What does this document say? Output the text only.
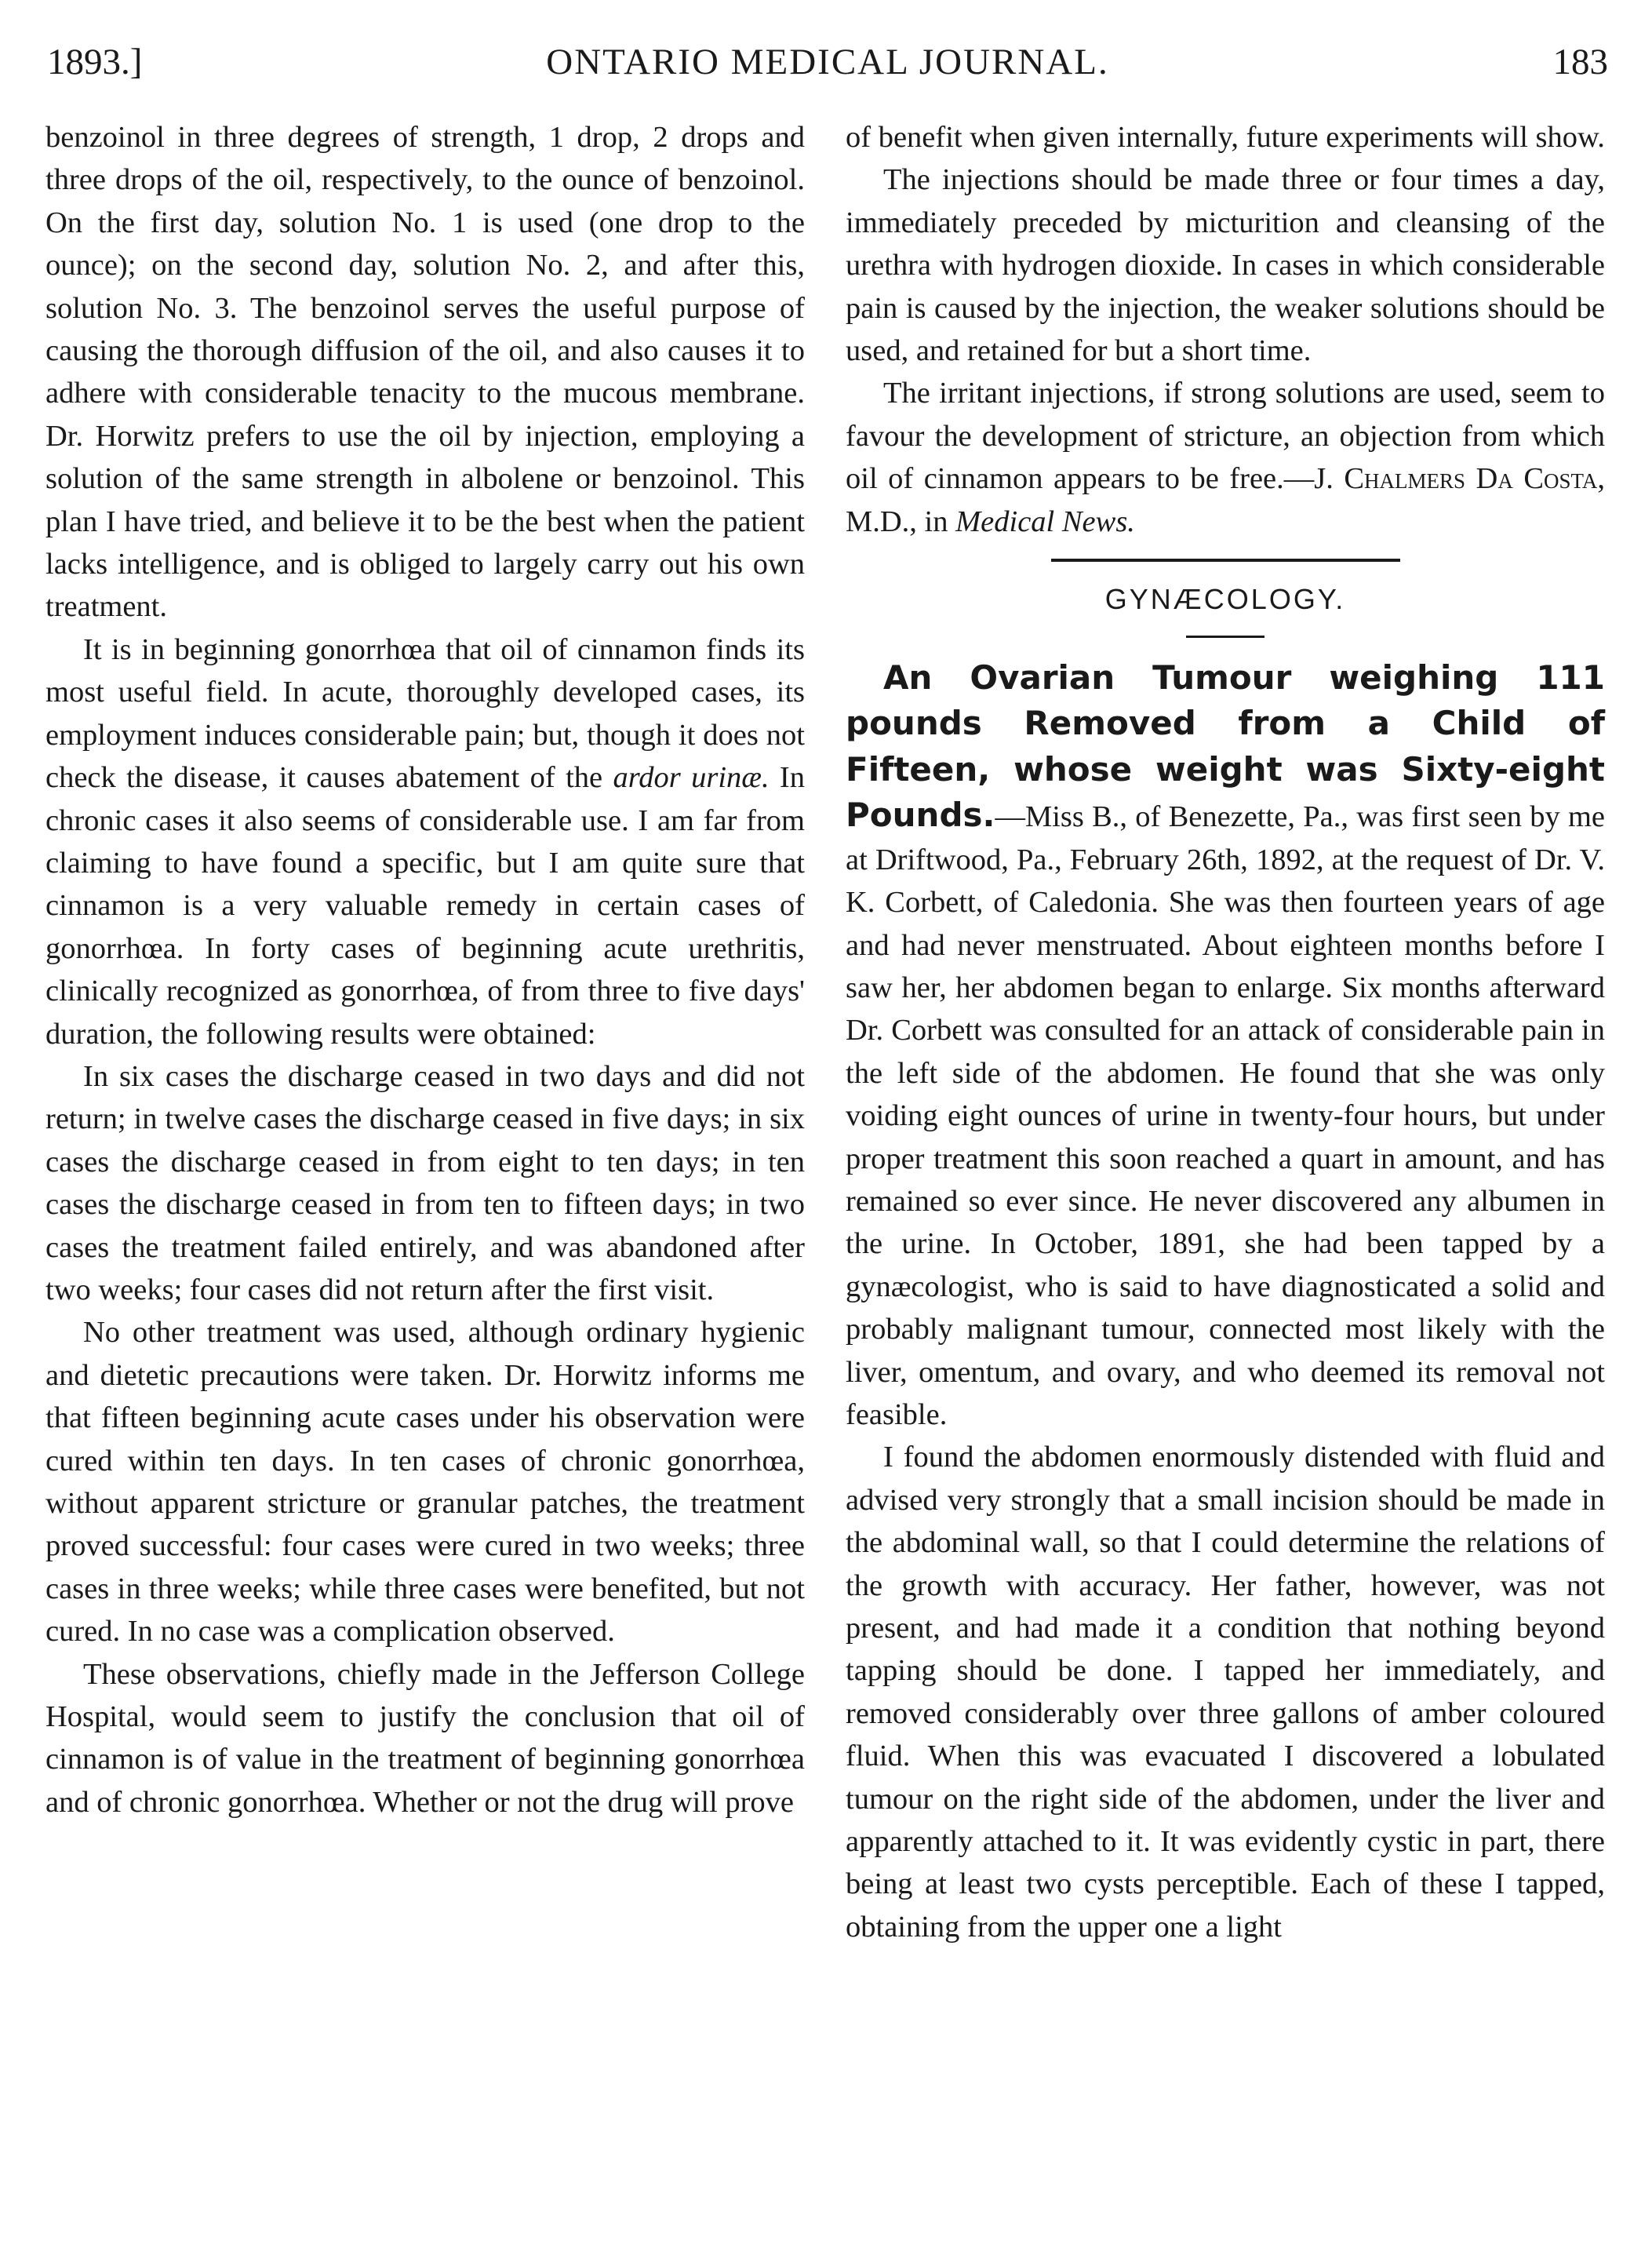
1893.]	ONTARIO MEDICAL JOURNAL.	183

benzoinol in three degrees of strength, 1 drop, 2 drops and three drops of the oil, respectively, to the ounce of benzoinol. On the first day, solution No. 1 is used (one drop to the ounce); on the second day, solution No. 2, and after this, solution No. 3. The benzoinol serves the useful purpose of causing the thorough diffusion of the oil, and also causes it to adhere with considerable tenacity to the mucous membrane. Dr. Horwitz prefers to use the oil by injection, employing a solution of the same strength in albolene or benzoinol. This plan I have tried, and believe it to be the best when the patient lacks intelligence, and is obliged to largely carry out his own treatment.

It is in beginning gonorrhœa that oil of cinnamon finds its most useful field. In acute, thoroughly developed cases, its employment induces considerable pain; but, though it does not check the disease, it causes abatement of the ardor urinæ. In chronic cases it also seems of considerable use. I am far from claiming to have found a specific, but I am quite sure that cinnamon is a very valuable remedy in certain cases of gonorrhœa. In forty cases of beginning acute urethritis, clinically recognized as gonorrhœa, of from three to five days' duration, the following results were obtained:

In six cases the discharge ceased in two days and did not return; in twelve cases the discharge ceased in five days; in six cases the discharge ceased in from eight to ten days; in ten cases the discharge ceased in from ten to fifteen days; in two cases the treatment failed entirely, and was abandoned after two weeks; four cases did not return after the first visit.

No other treatment was used, although ordinary hygienic and dietetic precautions were taken. Dr. Horwitz informs me that fifteen beginning acute cases under his observation were cured within ten days. In ten cases of chronic gonorrhœa, without apparent stricture or granular patches, the treatment proved successful: four cases were cured in two weeks; three cases in three weeks; while three cases were benefited, but not cured. In no case was a complication observed.

These observations, chiefly made in the Jefferson College Hospital, would seem to justify the conclusion that oil of cinnamon is of value in the treatment of beginning gonorrhœa and of chronic gonorrhœa. Whether or not the drug will prove

of benefit when given internally, future experiments will show.

The injections should be made three or four times a day, immediately preceded by micturition and cleansing of the urethra with hydrogen dioxide. In cases in which considerable pain is caused by the injection, the weaker solutions should be used, and retained for but a short time.

The irritant injections, if strong solutions are used, seem to favour the development of stricture, an objection from which oil of cinnamon appears to be free.—J. Chalmers Da Costa, M.D., in Medical News.

GYNÆCOLOGY.

An Ovarian Tumour weighing 111 pounds Removed from a Child of Fifteen, whose weight was Sixty-eight Pounds.—Miss B., of Benezette, Pa., was first seen by me at Driftwood, Pa., February 26th, 1892, at the request of Dr. V. K. Corbett, of Caledonia. She was then fourteen years of age and had never menstruated. About eighteen months before I saw her, her abdomen began to enlarge. Six months afterward Dr. Corbett was consulted for an attack of considerable pain in the left side of the abdomen. He found that she was only voiding eight ounces of urine in twenty-four hours, but under proper treatment this soon reached a quart in amount, and has remained so ever since. He never discovered any albumen in the urine. In October, 1891, she had been tapped by a gynæcologist, who is said to have diagnosticated a solid and probably malignant tumour, connected most likely with the liver, omentum, and ovary, and who deemed its removal not feasible.

I found the abdomen enormously distended with fluid and advised very strongly that a small incision should be made in the abdominal wall, so that I could determine the relations of the growth with accuracy. Her father, however, was not present, and had made it a condition that nothing beyond tapping should be done. I tapped her immediately, and removed considerably over three gallons of amber coloured fluid. When this was evacuated I discovered a lobulated tumour on the right side of the abdomen, under the liver and apparently attached to it. It was evidently cystic in part, there being at least two cysts perceptible. Each of these I tapped, obtaining from the upper one a light
